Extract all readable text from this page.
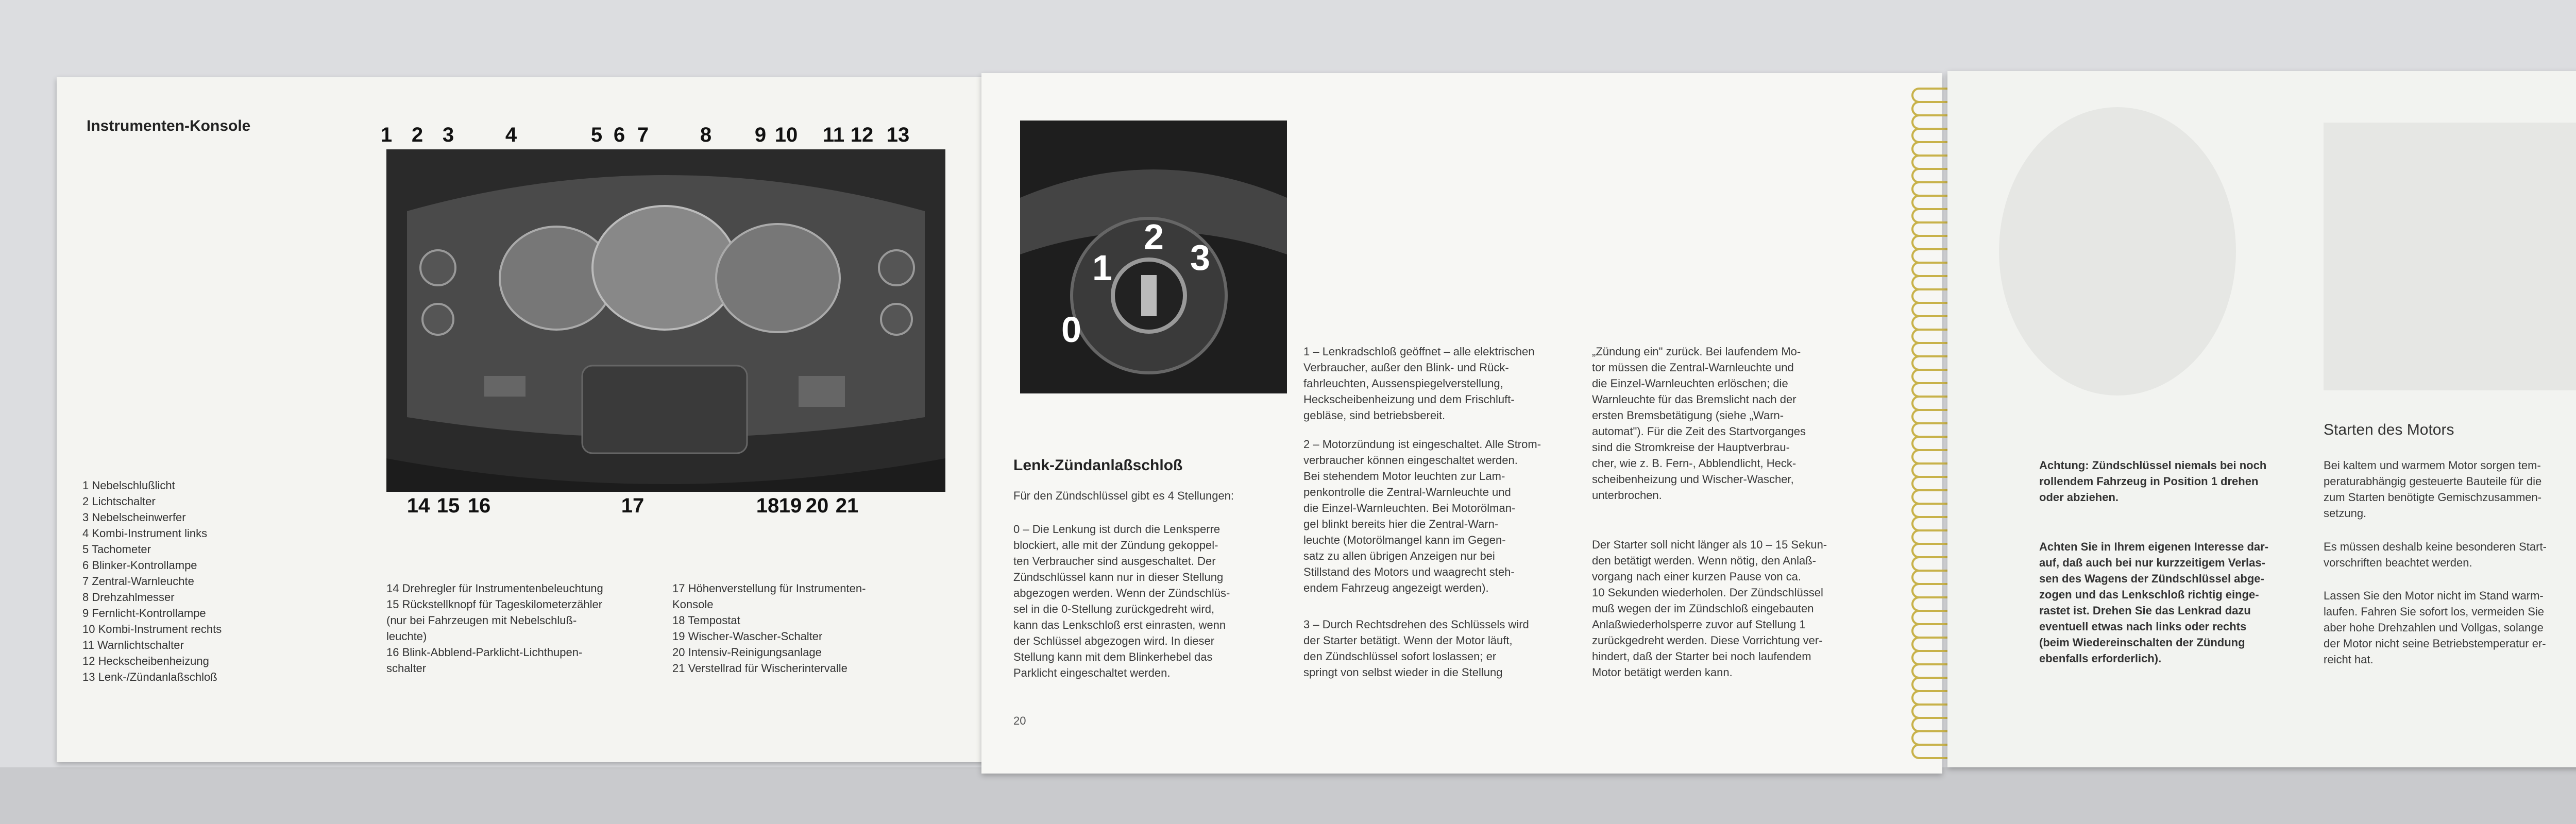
Instrumenten-Konsole	1 2 3	4	5 6 7	8	9 10 11 12 13
14 15 16	17	18 19 20 21
1 Nebelschlußlicht
2 Lichtschalter
3 Nebelscheinwerfer
4 Kombi-Instrument links
5 Tachometer
6 Blinker-Kontrollampe
7 Zentral-Warnleuchte
8 Drehzahlmesser
9 Fernlicht-Kontrollampe
10 Kombi-Instrument rechts
11 Warnlichtschalter
12 Heckscheibenheizung
13 Lenk-/Zündanlaßschloß
14 Drehregler für Instrumentenbeleuchtung
15 Rückstellknopf für Tageskilometerzähler
(nur bei Fahrzeugen mit Nebelschluß-
leuchte)
16 Blink-Abblend-Parklicht-Lichthupen-
schalter
17 Höhenverstellung für Instrumenten-
Konsole
18 Tempostat
19 Wischer-Wascher-Schalter
20 Intensiv-Reinigungsanlage
21 Verstellrad für Wischerintervalle
0
1
2
3
Lenk-Zündanlaßschloß
Für den Zündschlüssel gibt es 4 Stellungen:
0 – Die Lenkung ist durch die Lenksperre
blockiert, alle mit der Zündung gekoppel-
ten Verbraucher sind ausgeschaltet. Der
Zündschlüssel kann nur in dieser Stellung
abgezogen werden. Wenn der Zündschlüs-
sel in die 0-Stellung zurückgedreht wird,
kann das Lenkschloß erst einrasten, wenn
der Schlüssel abgezogen wird. In dieser
Stellung kann mit dem Blinkerhebel das
Parklicht eingeschaltet werden.
1 – Lenkradschloß geöffnet – alle elektrischen
Verbraucher, außer den Blink- und Rück-
fahrleuchten, Aussenspiegelverstellung,
Heckscheibenheizung und dem Frischluft-
gebläse, sind betriebsbereit.
2 – Motorzündung ist eingeschaltet. Alle Strom-
verbraucher können eingeschaltet werden.
Bei stehendem Motor leuchten zur Lam-
penkontrolle die Zentral-Warnleuchte und
die Einzel-Warnleuchten. Bei Motorölman-
gel blinkt bereits hier die Zentral-Warn-
leuchte (Motorölmangel kann im Gegen-
satz zu allen übrigen Anzeigen nur bei
Stillstand des Motors und waagrecht steh-
endem Fahrzeug angezeigt werden).
3 – Durch Rechtsdrehen des Schlüssels wird
der Starter betätigt. Wenn der Motor läuft,
den Zündschlüssel sofort loslassen; er
springt von selbst wieder in die Stellung
„Zündung ein" zurück. Bei laufendem Mo-
tor müssen die Zentral-Warnleuchte und
die Einzel-Warnleuchten erlöschen; die
Warnleuchte für das Bremslicht nach der
ersten Bremsbetätigung (siehe „Warn-
automat"). Für die Zeit des Startvorganges
sind die Stromkreise der Hauptverbrau-
cher, wie z. B. Fern-, Abblendlicht, Heck-
scheibenheizung und Wischer-Wascher,
unterbrochen.
Der Starter soll nicht länger als 10 – 15 Sekun-
den betätigt werden. Wenn nötig, den Anlaß-
vorgang nach einer kurzen Pause von ca.
10 Sekunden wiederholen. Der Zündschlüssel
muß wegen der im Zündschloß eingebauten
Anlaßwiederholsperre zuvor auf Stellung 1
zurückgedreht werden. Diese Vorrichtung ver-
hindert, daß der Starter bei noch laufendem
Motor betätigt werden kann.
20
Starten des Motors
Achtung: Zündschlüssel niemals bei noch
rollendem Fahrzeug in Position 1 drehen
oder abziehen.
Achten Sie in Ihrem eigenen Interesse dar-
auf, daß auch bei nur kurzzeitigem Verlas-
sen des Wagens der Zündschlüssel abge-
zogen und das Lenkschloß richtig einge-
rastet ist. Drehen Sie das Lenkrad dazu
eventuell etwas nach links oder rechts
(beim Wiedereinschalten der Zündung
ebenfalls erforderlich).
Bei kaltem und warmem Motor sorgen tem-
peraturabhängig gesteuerte Bauteile für die
zum Starten benötigte Gemischzusammen-
setzung.
Es müssen deshalb keine besonderen Start-
vorschriften beachtet werden.
Lassen Sie den Motor nicht im Stand warm-
laufen. Fahren Sie sofort los, vermeiden Sie
aber hohe Drehzahlen und Vollgas, solange
der Motor nicht seine Betriebstemperatur er-
reicht hat.
